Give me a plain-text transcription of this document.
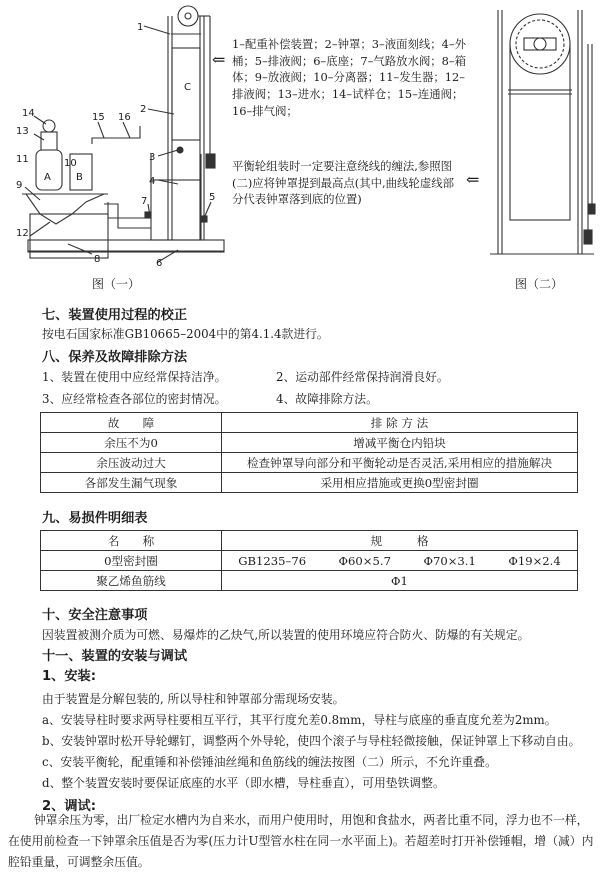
1
2
3
4
5
6
7
8
9
10
11
12
13
14	15 16
A	B
C
图（一）
⇐
1–配重补偿装置；2–钟罩；3–液面刻线；4–外桶；5–排液阀；6–底座；7–气路放水阀；8–箱体；9–放液阀；10–分离器；11–发生器；12–排液阀；13–进水；14–试样仓；15–连通阀；16–排气阀；
平衡轮组装时一定要注意绕线的缠法,参照图(二)应将钟罩提到最高点(其中,曲线轮虚线部分代表钟罩落到底的位置)
⇐
图（二）
七、装置使用过程的校正

按电石国家标准GB10665–2004中的第4.1.4款进行。

八、保养及故障排除方法

1、装置在使用中应经常保持洁净。	2、运动部件经常保持润滑良好。

3、应经常检查各部位的密封情况。	4、故障排除方法。

故　　障	排 除 方 法
余压不为0	增减平衡仓内铅块
余压波动过大	检查钟罩导向部分和平衡轮动是否灵活,采用相应的措施解决
各部发生漏气现象	采用相应措施或更换0型密封圈
九、易损件明细表
名　　称	规　　　格
0型密封圈	GB1235–76 Φ60×5.7 Φ70×3.1 Φ19×2.4

聚乙烯鱼筋线	Φ1
十、安全注意事项

因装置被测介质为可燃、易爆炸的乙炔气,所以装置的使用环境应符合防火、防爆的有关规定。

十一、装置的安装与调试
1、安装:

由于装置是分解包装的, 所以导柱和钟罩部分需现场安装。

a、安装导柱时要求两导柱要相互平行，其平行度允差0.8mm，导柱与底座的垂直度允差为2mm。

b、安装钟罩时松开导轮螺钉，调整两个外导轮，使四个滚子与导柱轻微接触，保证钟罩上下移动自由。

c、安装平衡轮，配重锤和补偿锤油丝绳和鱼筋线的缠法按图（二）所示，不允许重叠。

d、整个装置安装时要保证底座的水平（即水槽，导柱垂直），可用垫铁调整。

2、调试:

钟罩余压为零，出厂检定水槽内为自来水，而用户使用时，用饱和食盐水，两者比重不同，浮力也不一样，在使用前检查一下钟罩余压值是否为零(压力计U型管水柱在同一水平面上)。若超差时打开补偿锤帽，增（减）内腔铅重量，可调整余压值。
